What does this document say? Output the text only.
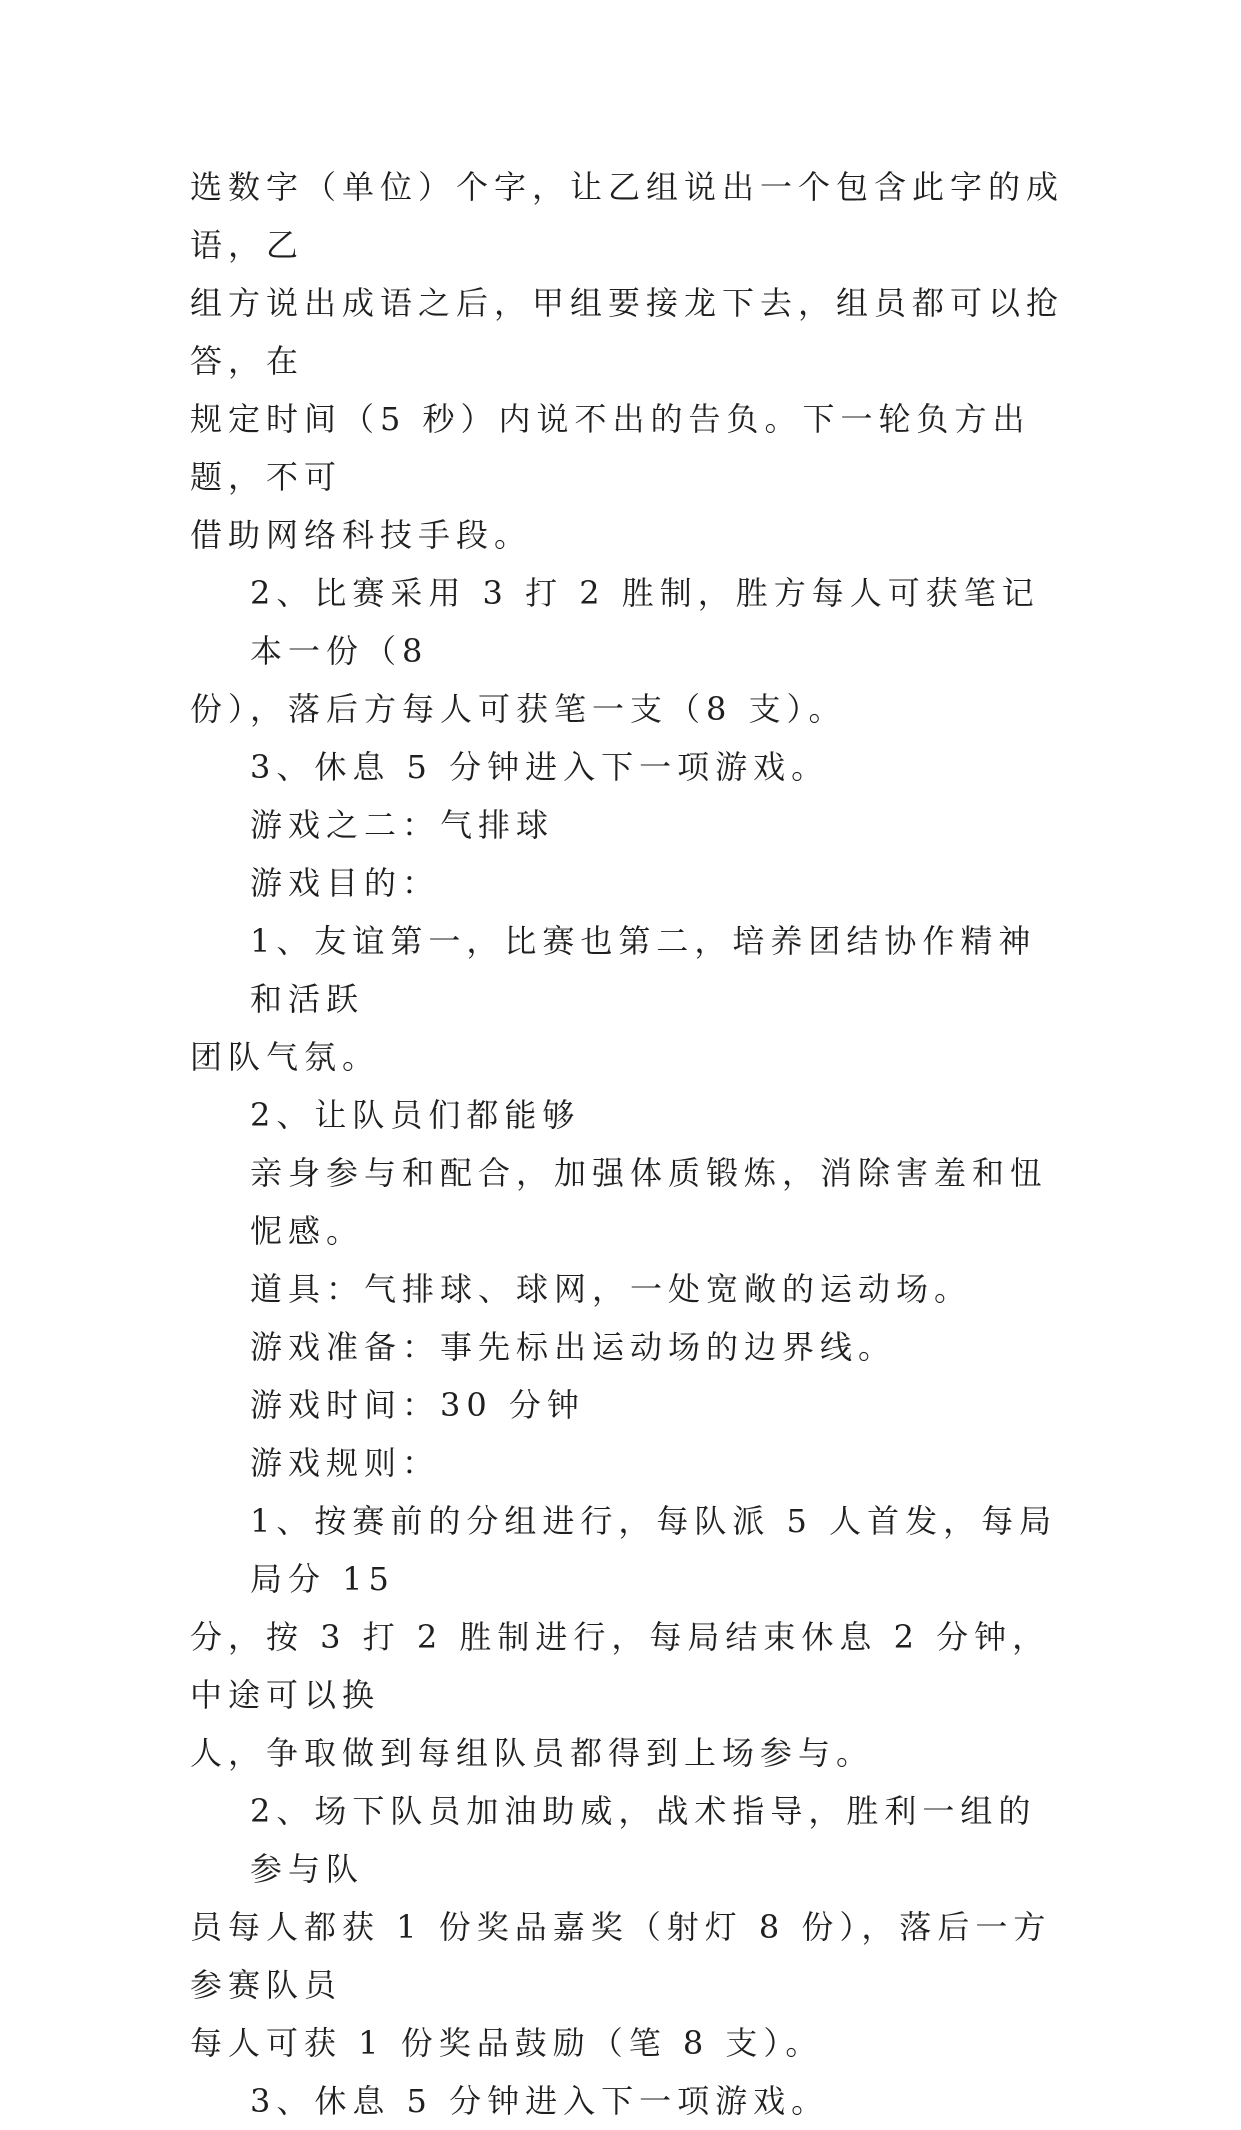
选数字（单位）个字，让乙组说出一个包含此字的成语，乙
组方说出成语之后，甲组要接龙下去，组员都可以抢答，在
规定时间（5 秒）内说不出的告负。下一轮负方出题，不可
借助网络科技手段。

2、比赛采用 3 打 2 胜制，胜方每人可获笔记本一份（8
份），落后方每人可获笔一支（8 支）。

3、休息 5 分钟进入下一项游戏。

游戏之二：气排球

游戏目的：

1、友谊第一，比赛也第二，培养团结协作精神和活跃
团队气氛。

2、让队员们都能够

亲身参与和配合，加强体质锻炼，消除害羞和忸怩感。

道具：气排球、球网，一处宽敞的运动场。

游戏准备：事先标出运动场的边界线。

游戏时间：30 分钟

游戏规则：

1、按赛前的分组进行，每队派 5 人首发，每局局分 15
分，按 3 打 2 胜制进行，每局结束休息 2 分钟，中途可以换
人，争取做到每组队员都得到上场参与。

2、场下队员加油助威，战术指导，胜利一组的参与队
员每人都获 1 份奖品嘉奖（射灯 8 份），落后一方参赛队员
每人可获 1 份奖品鼓励（笔 8 支）。

3、休息 5 分钟进入下一项游戏。
